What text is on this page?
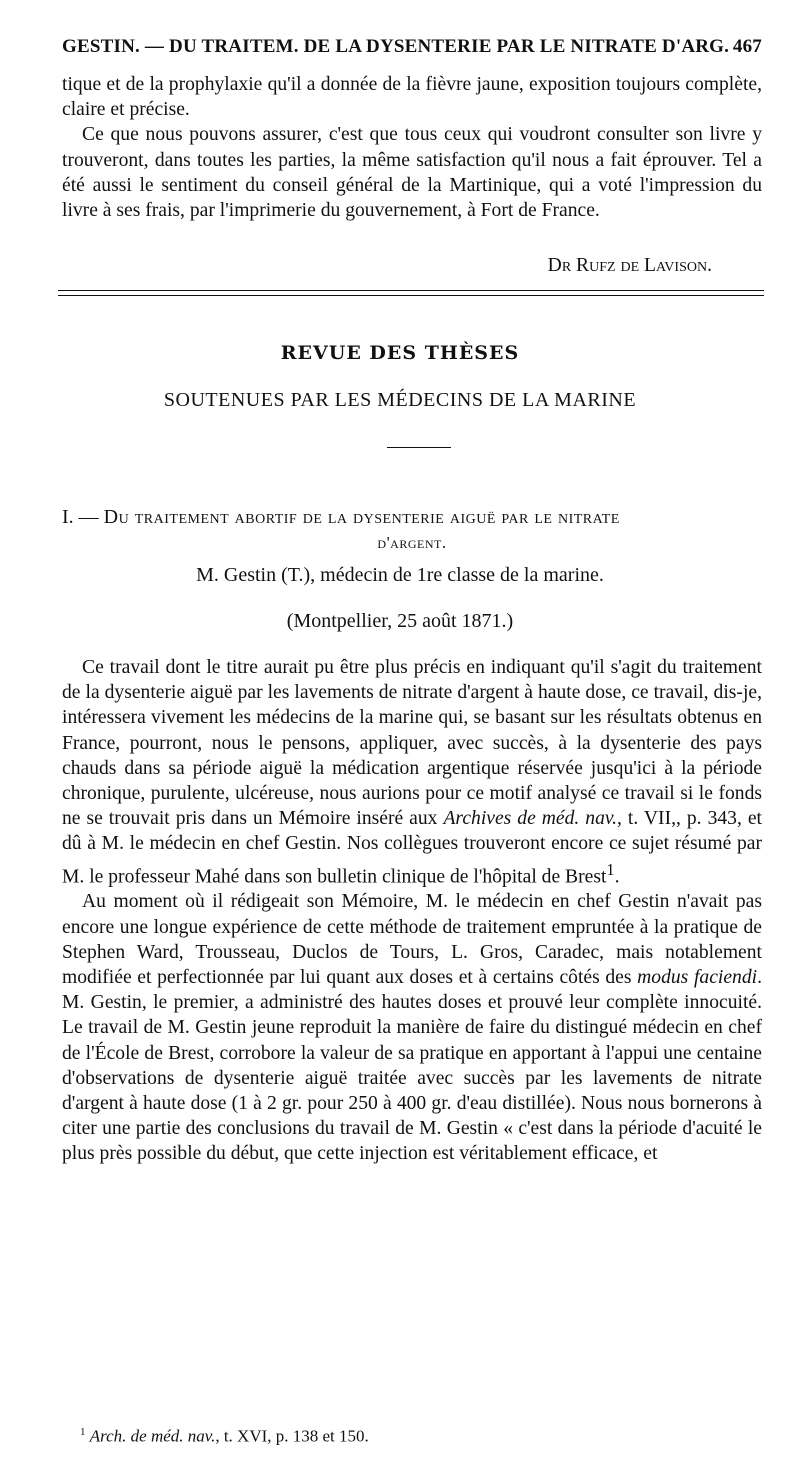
GESTIN. — DU TRAITEM. DE LA DYSENTERIE PAR LE NITRATE D'ARG. 467

tique et de la prophylaxie qu'il a donnée de la fièvre jaune, exposition toujours complète, claire et précise.

Ce que nous pouvons assurer, c'est que tous ceux qui voudront consulter son livre y trouveront, dans toutes les parties, la même satisfaction qu'il nous a fait éprouver. Tel a été aussi le sentiment du conseil général de la Martinique, qui a voté l'impression du livre à ses frais, par l'imprimerie du gouvernement, à Fort de France.

Dr Rufz de Lavison.
REVUE DES THÈSES
SOUTENUES PAR LES MÉDECINS DE LA MARINE
I. — Du traitement abortif de la dysenterie aiguë par le nitrate
d'argent.
M. Gestin (T.), médecin de 1re classe de la marine.
(Montpellier, 25 août 1871.)

Ce travail dont le titre aurait pu être plus précis en indiquant qu'il s'agit du traitement de la dysenterie aiguë par les lavements de nitrate d'argent à haute dose, ce travail, dis-je, intéressera vivement les médecins de la marine qui, se basant sur les résultats obtenus en France, pourront, nous le pensons, appliquer, avec succès, à la dysenterie des pays chauds dans sa période aiguë la médication argentique réservée jusqu'ici à la période chronique, purulente, ulcéreuse, nous aurions pour ce motif analysé ce travail si le fonds ne se trouvait pris dans un Mémoire inséré aux Archives de méd. nav., t. VII,, p. 343, et dû à M. le médecin en chef Gestin. Nos collègues trouveront encore ce sujet résumé par M. le professeur Mahé dans son bulletin clinique de l'hôpital de Brest$^1$.

Au moment où il rédigeait son Mémoire, M. le médecin en chef Gestin n'avait pas encore une longue expérience de cette méthode de traitement empruntée à la pratique de Stephen Ward, Trousseau, Duclos de Tours, L. Gros, Caradec, mais notablement modifiée et perfectionnée par lui quant aux doses et à certains côtés des modus faciendi. M. Gestin, le premier, a administré des hautes doses et prouvé leur complète innocuité. Le travail de M. Gestin jeune reproduit la manière de faire du distingué médecin en chef de l'École de Brest, corrobore la valeur de sa pratique en apportant à l'appui une centaine d'observations de dysenterie aiguë traitée avec succès par les lavements de nitrate d'argent à haute dose (1 à 2 gr. pour 250 à 400 gr. d'eau distillée). Nous nous bornerons à citer une partie des conclusions du travail de M. Gestin « c'est dans la période d'acuité le plus près possible du début, que cette injection est véritablement efficace, et

$^1$ Arch. de méd. nav., t. XVI, p. 138 et 150.
